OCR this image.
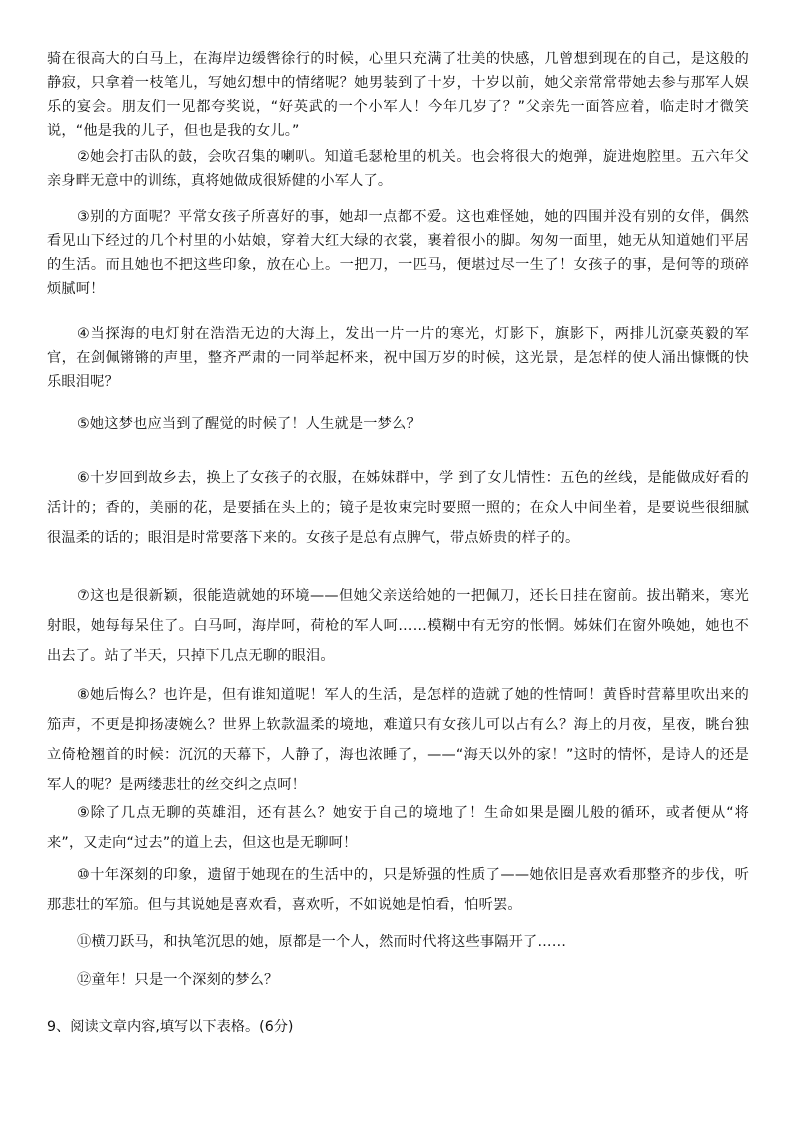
骑在很高大的白马上，在海岸边缓辔徐行的时候，心里只充满了壮美的快感，几曾想到现在的自己，是这般的静寂，只拿着一枝笔儿，写她幻想中的情绪呢？她男装到了十岁，十岁以前，她父亲常常带她去参与那军人娱乐的宴会。朋友们一见都夸奖说，“好英武的一个小军人！今年几岁了？”父亲先一面答应着，临走时才微笑说，“他是我的儿子，但也是我的女儿。”

②她会打击队的鼓，会吹召集的喇叭。知道毛瑟枪里的机关。也会将很大的炮弹，旋进炮腔里。五六年父亲身畔无意中的训练，真将她做成很矫健的小军人了。

③别的方面呢？平常女孩子所喜好的事，她却一点都不爱。这也难怪她，她的四围并没有别的女伴，偶然看见山下经过的几个村里的小姑娘，穿着大红大绿的衣裳，裹着很小的脚。匆匆一面里，她无从知道她们平居的生活。而且她也不把这些印象，放在心上。一把刀，一匹马，便堪过尽一生了！女孩子的事，是何等的琐碎烦腻呵！

④当探海的电灯射在浩浩无边的大海上，发出一片一片的寒光，灯影下，旗影下，两排儿沉豪英毅的军官，在剑佩锵锵的声里，整齐严肃的一同举起杯来，祝中国万岁的时候，这光景，是怎样的使人涌出慷慨的快乐眼泪呢？

⑤她这梦也应当到了醒觉的时候了！人生就是一梦么？

⑥十岁回到故乡去，换上了女孩子的衣服，在姊妹群中，学 到了女儿情性：五色的丝线，是能做成好看的活计的；香的，美丽的花，是要插在头上的；镜子是妆束完时要照一照的；在众人中间坐着，是要说些很细腻很温柔的话的；眼泪是时常要落下来的。女孩子是总有点脾气，带点娇贵的样子的。

⑦这也是很新颖，很能造就她的环境——但她父亲送给她的一把佩刀，还长日挂在窗前。拔出鞘来，寒光射眼，她每每呆住了。白马呵，海岸呵，荷枪的军人呵……模糊中有无穷的怅惘。姊妹们在窗外唤她，她也不出去了。站了半天，只掉下几点无聊的眼泪。

⑧她后悔么？也许是，但有谁知道呢！军人的生活，是怎样的造就了她的性情呵！黄昏时营幕里吹出来的笳声，不更是抑扬凄婉么？世界上软款温柔的境地，难道只有女孩儿可以占有么？海上的月夜，星夜，眺台独立倚枪翘首的时候：沉沉的天幕下，人静了，海也浓睡了，——“海天以外的家！”这时的情怀，是诗人的还是军人的呢？是两缕悲壮的丝交纠之点呵！

⑨除了几点无聊的英雄泪，还有甚么？她安于自己的境地了！生命如果是圈儿般的循环，或者便从“将来”，又走向“过去”的道上去，但这也是无聊呵！

⑩十年深刻的印象，遗留于她现在的生活中的，只是矫强的性质了——她依旧是喜欢看那整齐的步伐，听那悲壮的军笳。但与其说她是喜欢看，喜欢听，不如说她是怕看，怕听罢。

⑪横刀跃马，和执笔沉思的她，原都是一个人，然而时代将这些事隔开了……

⑫童年！只是一个深刻的梦么？

9、阅读文章内容,填写以下表格。(6分)
